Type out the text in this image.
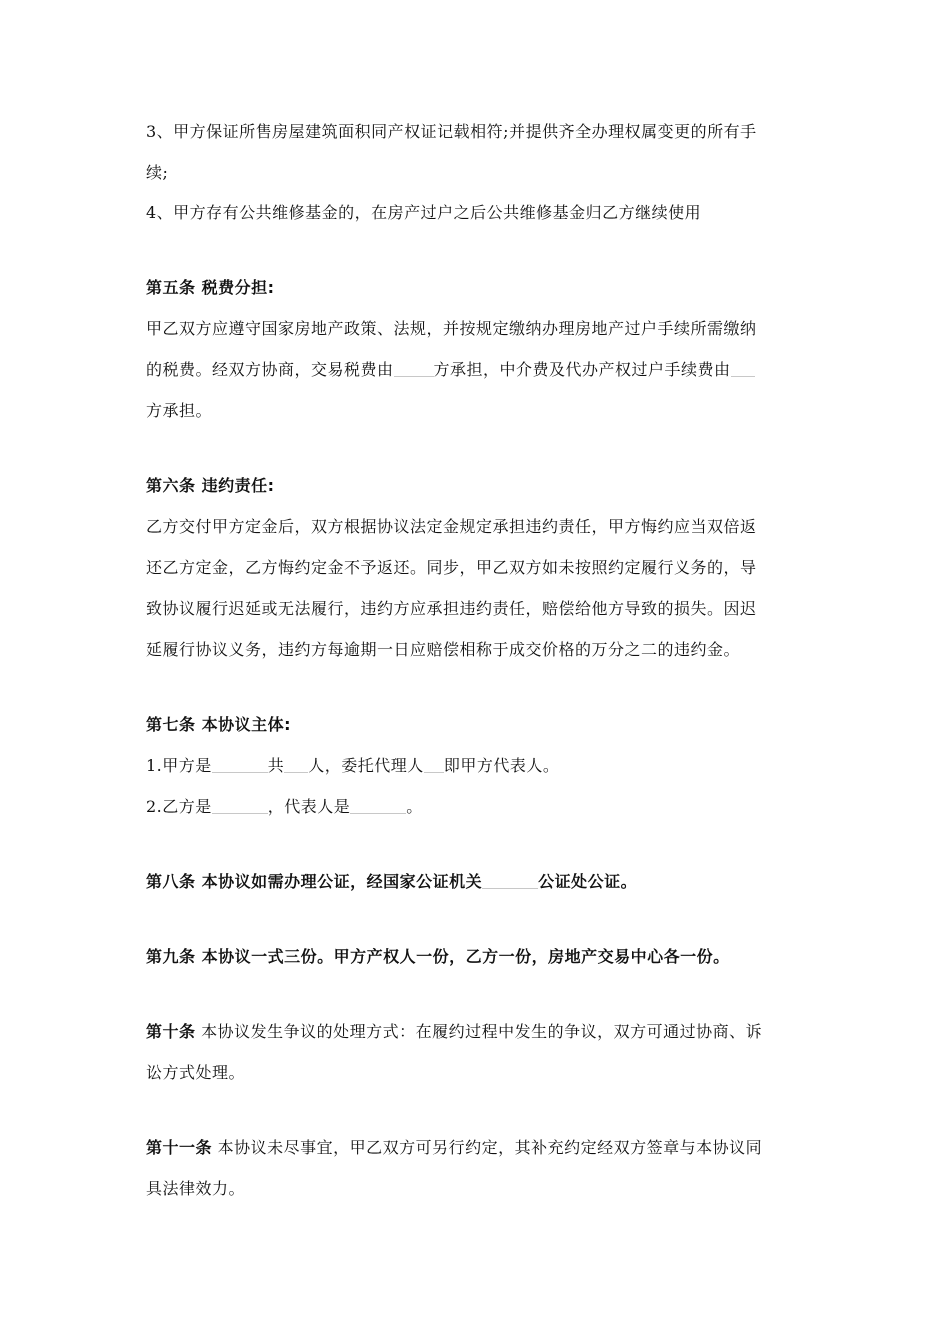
3、甲方保证所售房屋建筑面积同产权证记载相符;并提供齐全办理权属变更的所有手
续;
4、甲方存有公共维修基金的，在房产过户之后公共维修基金归乙方继续使用
第五条 税费分担:
甲乙双方应遵守国家房地产政策、法规，并按规定缴纳办理房地产过户手续所需缴纳
的税费。经双方协商，交易税费由	方承担，中介费及代办产权过户手续费由
方承担。
第六条 违约责任:
乙方交付甲方定金后，双方根据协议法定金规定承担违约责任，甲方悔约应当双倍返
还乙方定金，乙方悔约定金不予返还。同步，甲乙双方如未按照约定履行义务的，导
致协议履行迟延或无法履行，违约方应承担违约责任，赔偿给他方导致的损失。因迟
延履行协议义务，违约方每逾期一日应赔偿相称于成交价格的万分之二的违约金。
第七条 本协议主体:
1.甲方是	共 人，委托代理人 即甲方代表人。
2.乙方是	，代表人是	。
第八条 本协议如需办理公证，经国家公证机关	公证处公证。
第九条 本协议一式三份。甲方产权人一份，乙方一份，房地产交易中心各一份。
第十条 本协议发生争议的处理方式：在履约过程中发生的争议，双方可通过协商、诉
讼方式处理。
第十一条 本协议未尽事宜，甲乙双方可另行约定，其补充约定经双方签章与本协议同
具法律效力。
